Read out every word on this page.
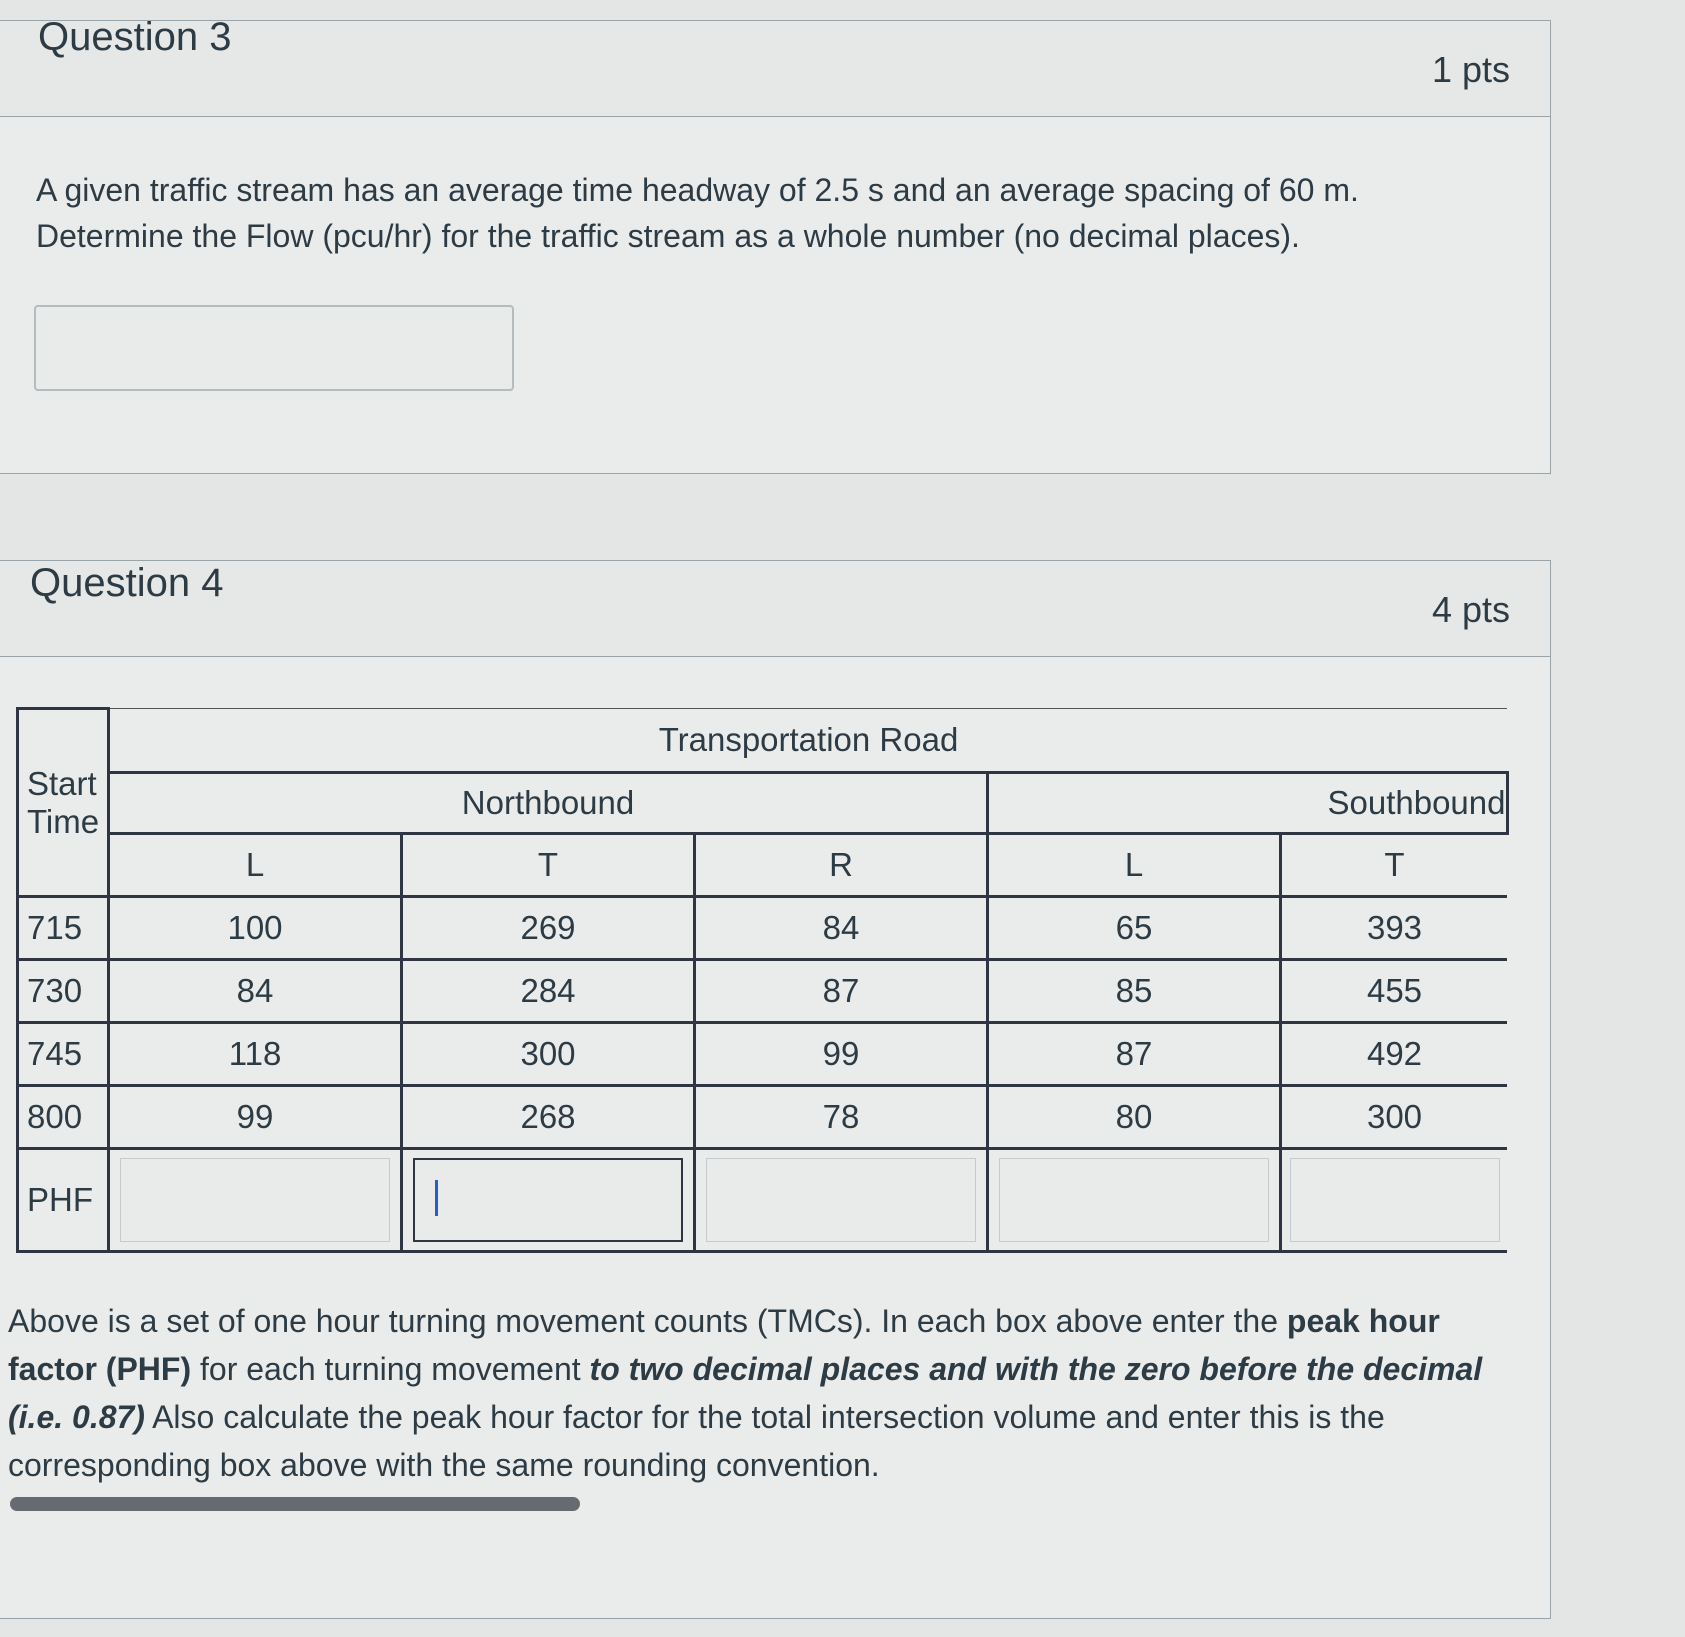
Question 3
1 pts
A given traffic stream has an average time headway of 2.5 s and an average spacing of 60 m.
Determine the Flow (pcu/hr) for the traffic stream as a whole number (no decimal places).
Question 4
4 pts
Start Time	Transportation Road				
	Northbound			Southbound	
	L	T	R	L	T
715	100	269	84	65	393
730	84	284	87	85	455
745	118	300	99	87	492
800	99	268	78	80	300
PHF	

Above is a set of one hour turning movement counts (TMCs). In each box above enter the peak hour factor (PHF) for each turning movement to two decimal places and with the zero before the decimal (i.e. 0.87) Also calculate the peak hour factor for the total intersection volume and enter this is the corresponding box above with the same rounding convention.
